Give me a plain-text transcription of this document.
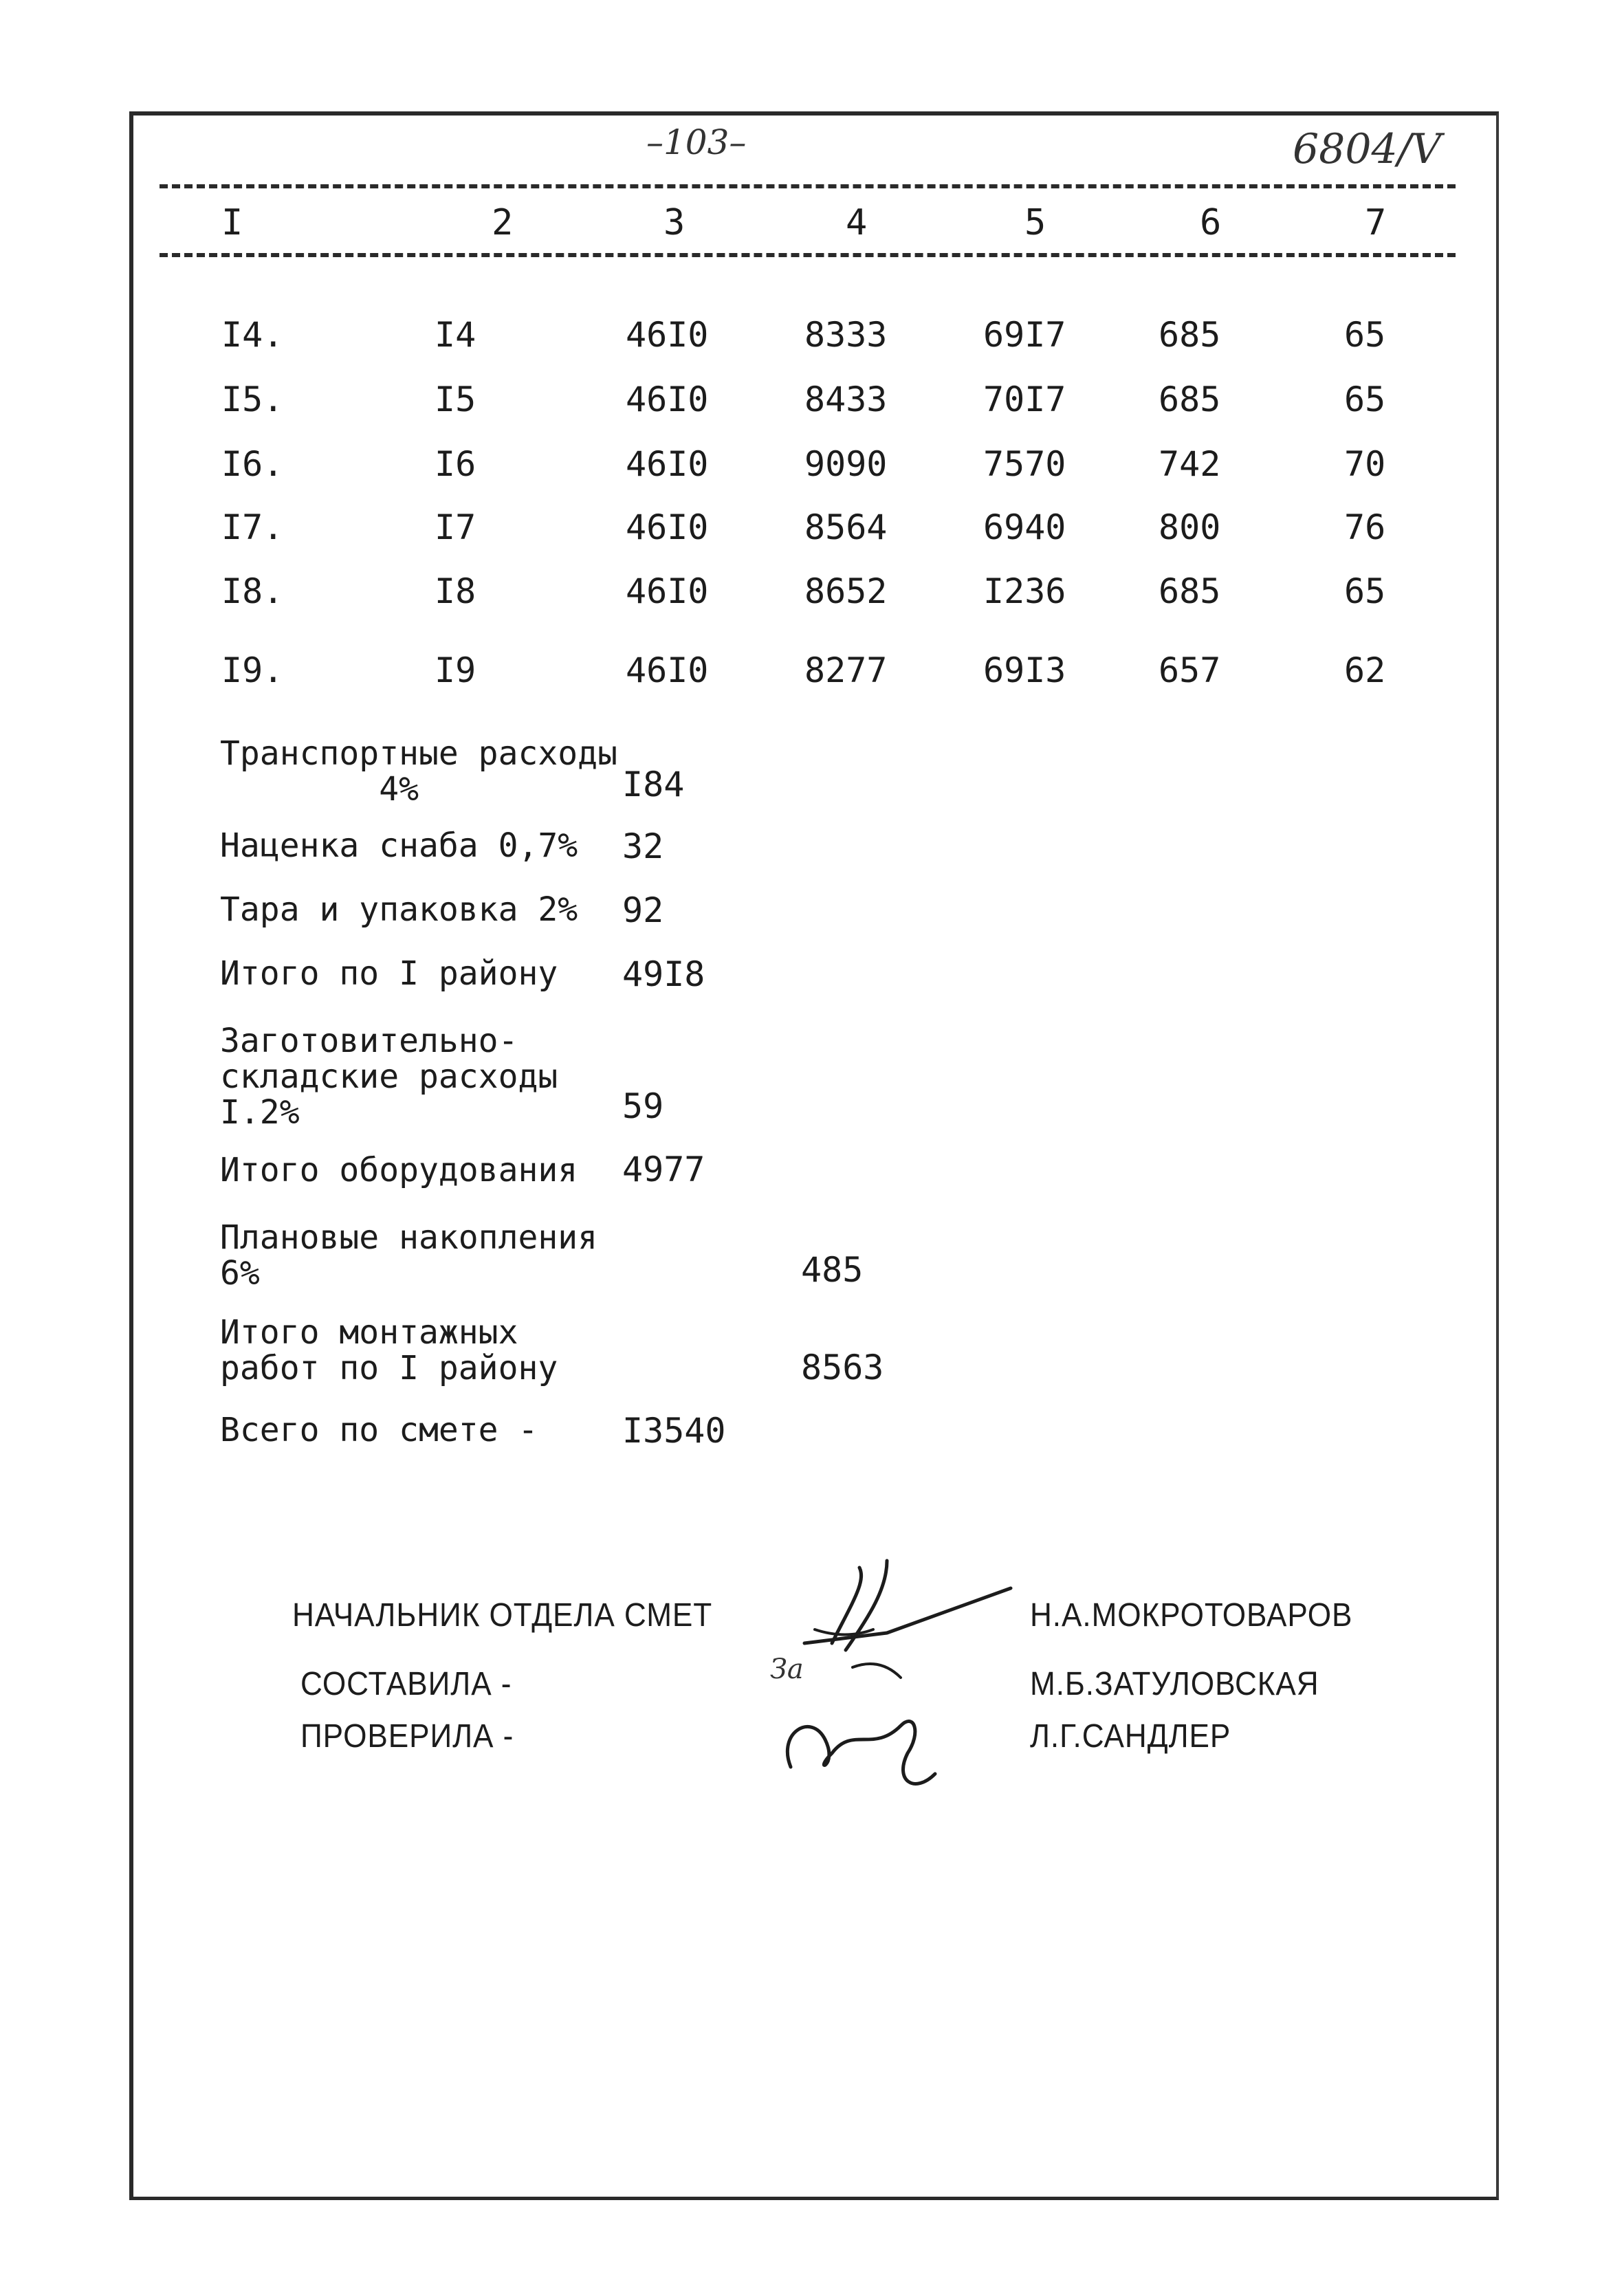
–103–	6804/V
I	2	3	4	5	6	7
I4.	I4	46I0	8333	69I7	685	65
I5.	I5	46I0	8433	70I7	685	65
I6.	I6	46I0	9090	7570	742	70
I7.	I7	46I0	8564	6940	800	76
I8.	I8	46I0	8652	I236	685	65
I9.	I9	46I0	8277	69I3	657	62
Транспортные расходы
4%	I84
Наценка снаба 0,7% 32
Тара и упаковка 2% 92
Итого по I району 49I8
Заготовительно-
складские расходы
I.2%	59
Итого оборудования 4977
Плановые накопления
6%	485
Итого монтажных
работ по I району	8563
Всего по смете - I3540
НАЧАЛЬНИК ОТДЕЛА СМЕТ	Н.А.МОКРОТОВАРОВ
СОСТАВИЛА -	М.Б.ЗАТУЛОВСКАЯ
ПРОВЕРИЛА -	Л.Г.САНДЛЕР
За
